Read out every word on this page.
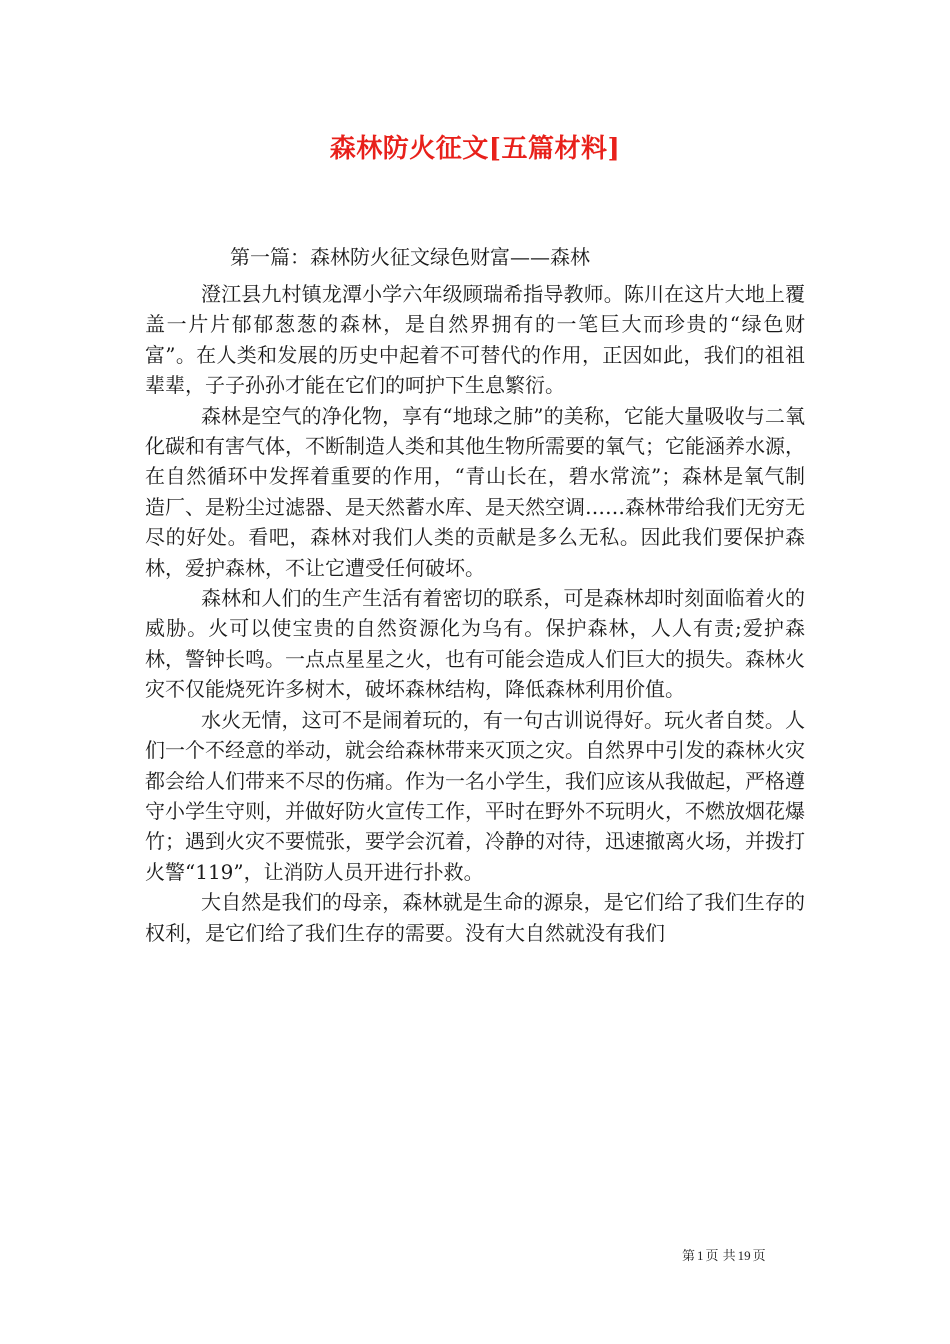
森林防火征文[五篇材料]
第一篇：森林防火征文绿色财富——森林

澄江县九村镇龙潭小学六年级顾瑞希指导教师。陈川在这片大地上覆盖一片片郁郁葱葱的森林，是自然界拥有的一笔巨大而珍贵的“绿色财富”。在人类和发展的历史中起着不可替代的作用，正因如此，我们的祖祖辈辈，子子孙孙才能在它们的呵护下生息繁衍。

森林是空气的净化物，享有“地球之肺”的美称，它能大量吸收与二氧化碳和有害气体，不断制造人类和其他生物所需要的氧气；它能涵养水源，在自然循环中发挥着重要的作用，“青山长在，碧水常流”；森林是氧气制造厂、是粉尘过滤器、是天然蓄水库、是天然空调……森林带给我们无穷无尽的好处。看吧，森林对我们人类的贡献是多么无私。因此我们要保护森林，爱护森林，不让它遭受任何破坏。

森林和人们的生产生活有着密切的联系，可是森林却时刻面临着火的威胁。火可以使宝贵的自然资源化为乌有。保护森林，人人有责;爱护森林，警钟长鸣。一点点星星之火，也有可能会造成人们巨大的损失。森林火灾不仅能烧死许多树木，破坏森林结构，降低森林利用价值。

水火无情，这可不是闹着玩的，有一句古训说得好。玩火者自焚。人们一个不经意的举动，就会给森林带来灭顶之灾。自然界中引发的森林火灾都会给人们带来不尽的伤痛。作为一名小学生，我们应该从我做起，严格遵守小学生守则，并做好防火宣传工作，平时在野外不玩明火，不燃放烟花爆竹；遇到火灾不要慌张，要学会沉着，冷静的对待，迅速撤离火场，并拨打火警“119”，让消防人员开进行扑救。

大自然是我们的母亲，森林就是生命的源泉，是它们给了我们生存的权利，是它们给了我们生存的需要。没有大自然就没有我们

第 1 页 共 19 页
